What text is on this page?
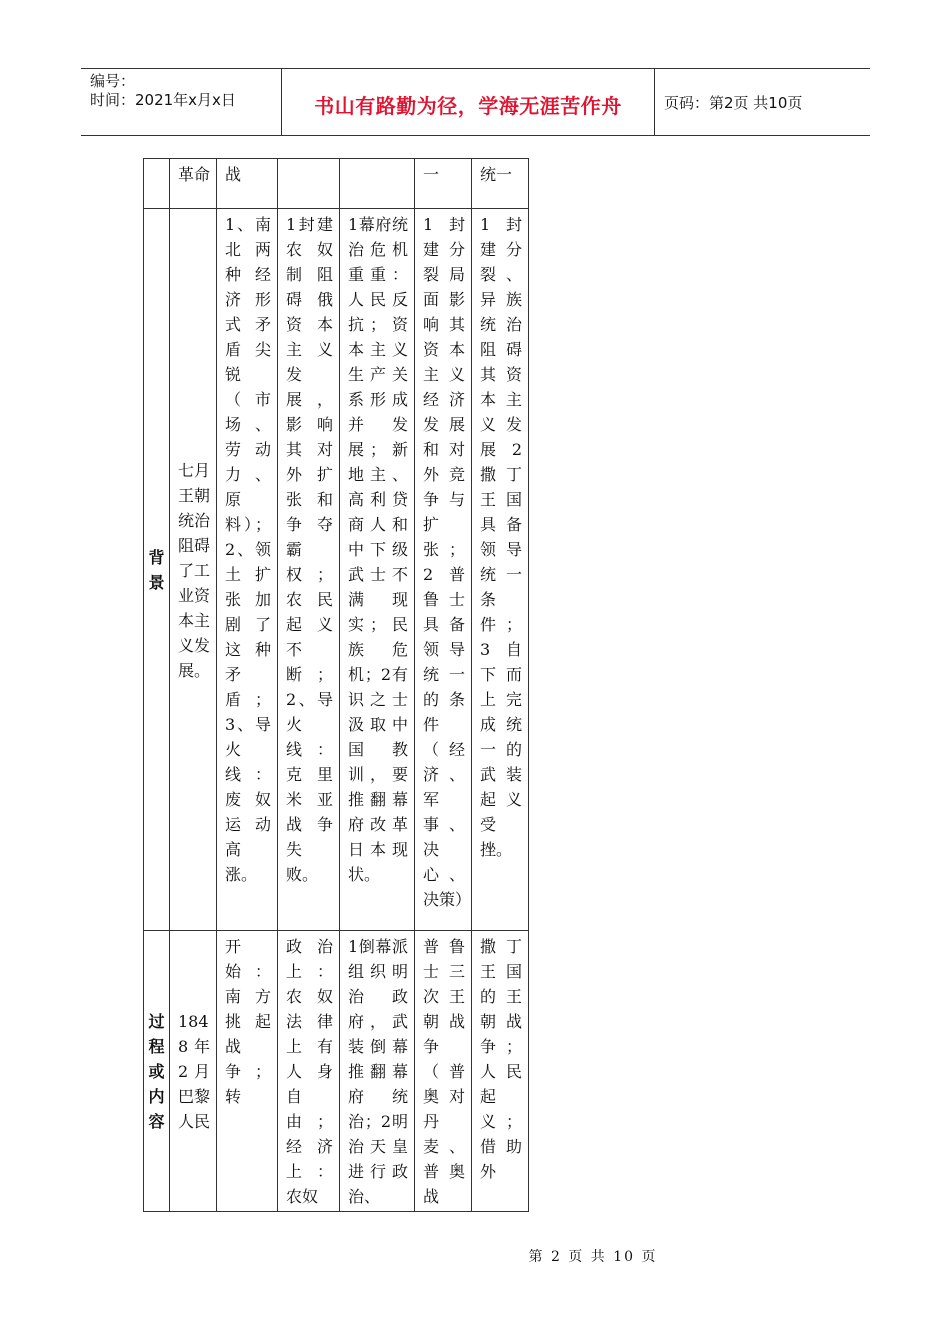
编号：
时间：2021年x月x日	书山有路勤为径，学海无涯苦作舟	页码：第2页 共10页

	革命	战			一	统一

背景	七月王朝统治阻碍了工业资本主义发展。	1、南北两种经济形式矛盾尖锐（市场、劳动力、原料）；2、领土扩张加剧了这种矛盾；3、导火线：废奴运动高涨。	1封建农奴制阻碍俄资本主义发展，影响其对外扩张和争夺霸权；农民起义不断；2、导火线：克里米亚战争失败。	1幕府统治危机重重：人民反抗；资本主义生产关系形成并发展；新地主、高利贷商人和中下级武士不满现实；民族危机；2有识之士汲取中国教训，要推翻幕府改革日本现状。	1封建分裂局面影响其资本主义经济发展和对外竞争与扩张；2普鲁士具备领导统一的条件（经济、军事、决心、决策）	1封建分裂、异族统治阻碍其资本主义发展2撒丁王国具备领导统一条件；3自下而上完成统一的武装起义受挫。

过程或内容	1848年2月巴黎人民	开始：南方挑起战争；转	政治上：农奴法律上有人身自由；经济上：农奴	1倒幕派组织明治政府，武装倒幕推翻幕府统治；2明治天皇进行政治、	普鲁士三次王朝战争（普奥对丹麦、普奥战	撒丁王国的王朝战争；人民起义；借助外
第 2 页 共 10 页
